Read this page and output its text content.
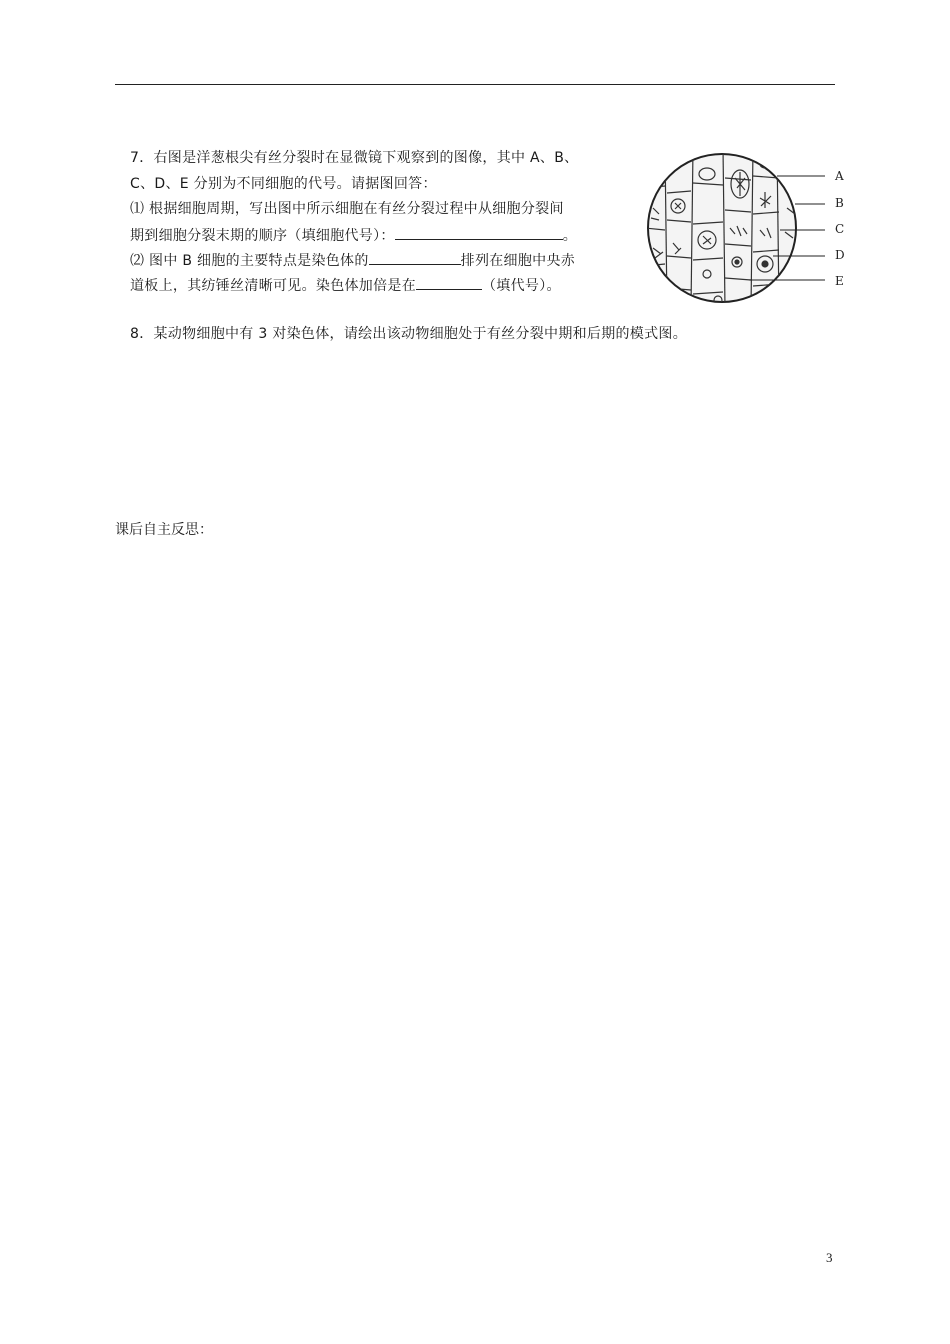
7．右图是洋葱根尖有丝分裂时在显微镜下观察到的图像，其中 A、B、
C、D、E 分别为不同细胞的代号。请据图回答：
⑴ 根据细胞周期，写出图中所示细胞在有丝分裂过程中从细胞分裂间
期到细胞分裂末期的顺序（填细胞代号）：	。
⑵ 图中 B 细胞的主要特点是染色体的	排列在细胞中央赤
道板上，其纺锤丝清晰可见。染色体加倍是在	（填代号）。
A
B
C
D
E
8．某动物细胞中有 3 对染色体，请绘出该动物细胞处于有丝分裂中期和后期的模式图。
课后自主反思：
3
